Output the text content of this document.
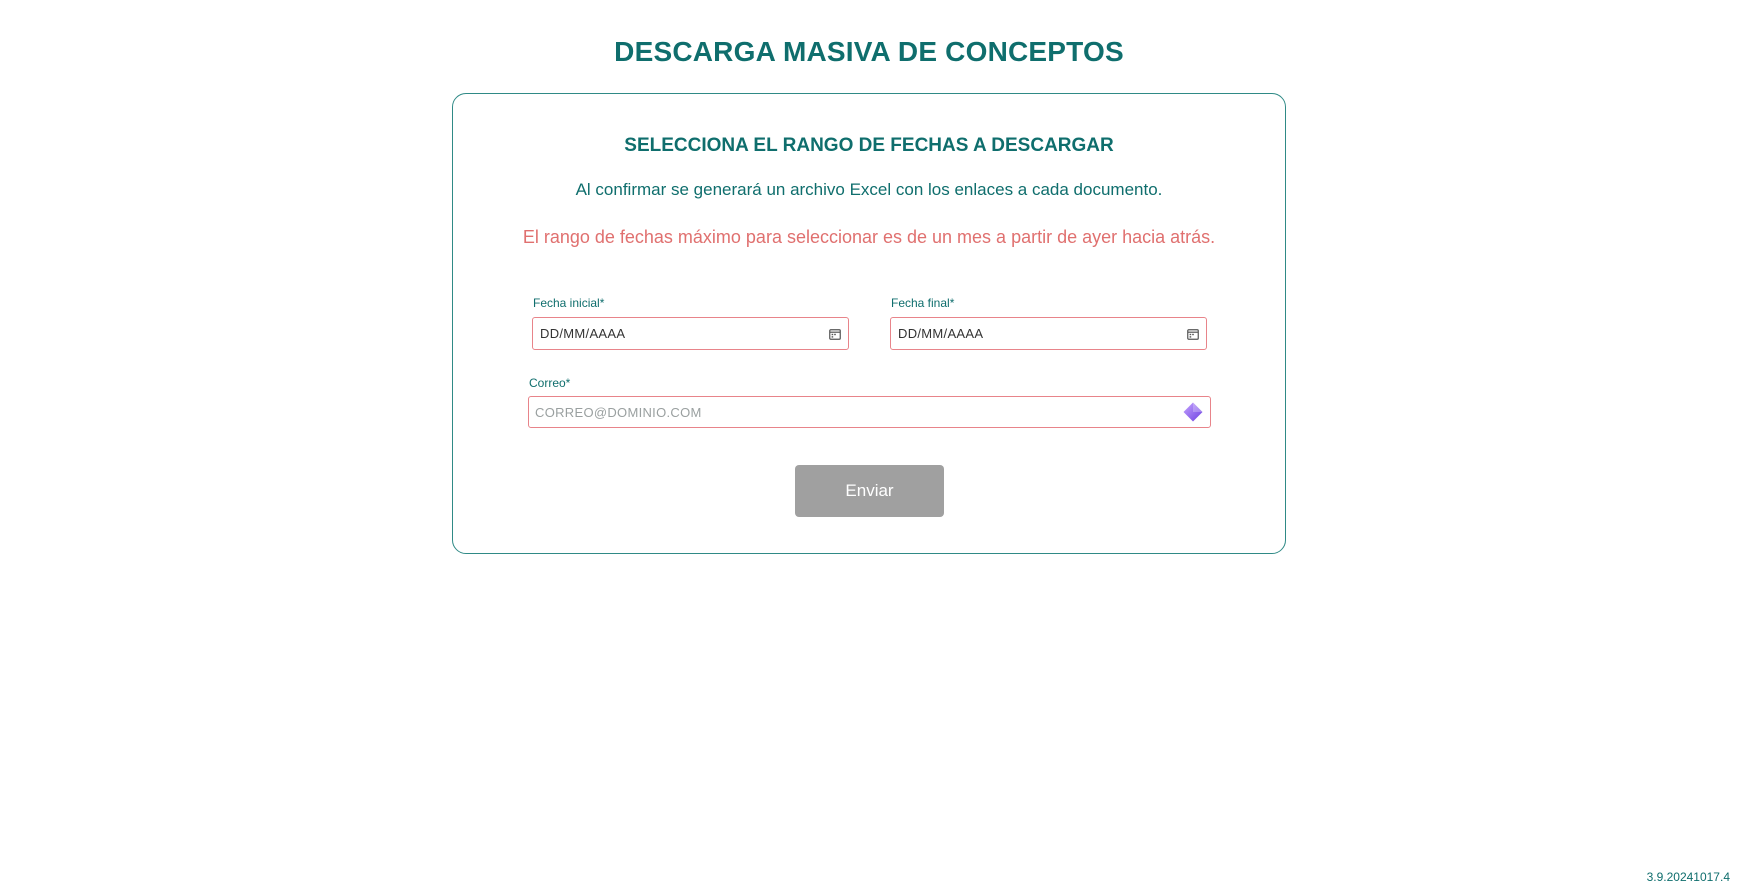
DESCARGA MASIVA DE CONCEPTOS
SELECCIONA EL RANGO DE FECHAS A DESCARGAR
Al confirmar se generará un archivo Excel con los enlaces a cada documento.
El rango de fechas máximo para seleccionar es de un mes a partir de ayer hacia atrás.
Fecha inicial*
DD/MM/AAAA
Fecha final*
DD/MM/AAAA
Correo*
CORREO@DOMINIO.COM
Enviar
3.9.20241017.4
